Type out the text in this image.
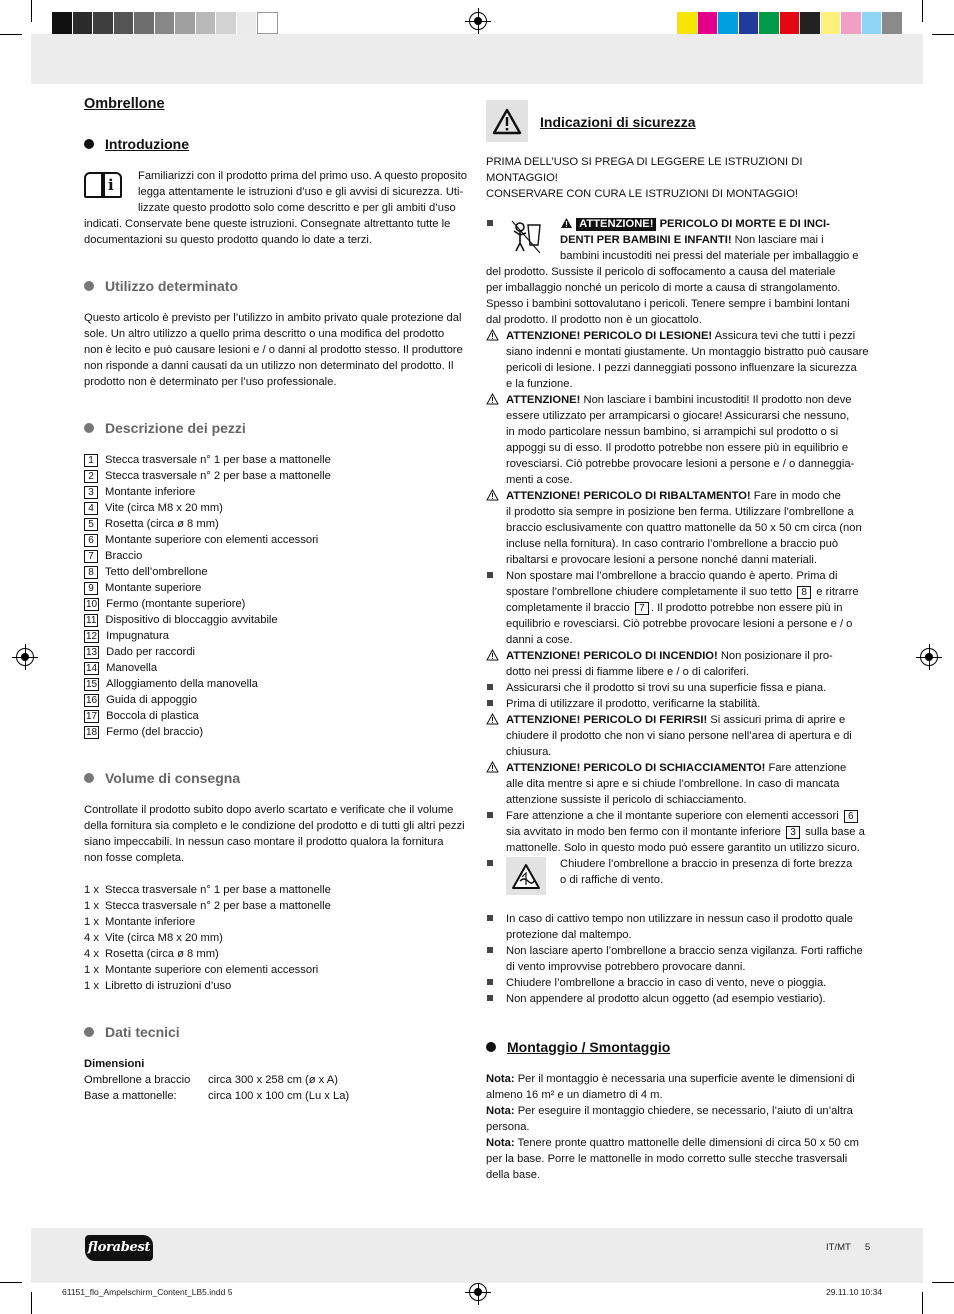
florabest	IT/MT 5
61151_flo_Ampelschirm_Content_LB5.indd 5	29.11.10 10:34
Ombrellone
Introduzione
i	Familiarizzi con il prodotto prima del primo uso. A questo proposito

legga attentamente le istruzioni d’uso e gli avvisi di sicurezza. Uti-

lizzate questo prodotto solo come descritto e per gli ambiti d’uso

indicati. Conservate bene queste istruzioni. Consegnate altrettanto tutte le

documentazioni su questo prodotto quando lo date a terzi.

Utilizzo determinato

Questo articolo è previsto per l’utilizzo in ambito privato quale protezione dal

sole. Un altro utilizzo a quello prima descritto o una modifica del prodotto

non è lecito e può causare lesioni e / o danni al prodotto stesso. Il produttore

non risponde a danni causati da un utilizzo non determinato del prodotto. Il

prodotto non è determinato per l’uso professionale.

Descrizione dei pezzi
1	Stecca trasversale n° 1 per base a mattonelle
2	Stecca trasversale n° 2 per base a mattonelle
3	Montante inferiore
4	Vite (circa M8 x 20 mm)
5	Rosetta (circa ø 8 mm)
6	Montante superiore con elementi accessori
7	Braccio
8	Tetto dell’ombrellone
9	Montante superiore
10 Fermo (montante superiore)
11 Dispositivo di bloccaggio avvitabile
12 Impugnatura
13 Dado per raccordi
14 Manovella
15 Alloggiamento della manovella
16 Guida di appoggio
17 Boccola di plastica
18 Fermo (del braccio)
Volume di consegna

Controllate il prodotto subito dopo averlo scartato e verificate che il volume

della fornitura sia completo e le condizione del prodotto e di tutti gli altri pezzi

siano impeccabili. In nessun caso montare il prodotto qualora la fornitura

non fosse completa.

1 x Stecca trasversale n° 1 per base a mattonelle
1 x Stecca trasversale n° 2 per base a mattonelle
1 x Montante inferiore
4 x Vite (circa M8 x 20 mm)
4 x Rosetta (circa ø 8 mm)
1 x Montante superiore con elementi accessori
1 x Libretto di istruzioni d’uso
Dati tecnici
Dimensioni
Ombrellone a braccio	circa 300 x 258 cm (ø x A)
Base a mattonelle:	circa 100 x 100 cm (Lu x La)
Indicazioni di sicurezza

PRIMA DELL’USO SI PREGA DI LEGGERE LE ISTRUZIONI DI MONTAGGIO!

CONSERVARE CON CURA LE ISTRUZIONI DI MONTAGGIO!

ATTENZIONE! PERICOLO DI MORTE E DI INCI-
DENTI PER BAMBINI E INFANTI! Non lasciare mai i
bambini incustoditi nei pressi del materiale per imballaggio e

del prodotto. Sussiste il pericolo di soffocamento a causa del materiale

per imballaggio nonché un pericolo di morte a causa di strangolamento.

Spesso i bambini sottovalutano i pericoli. Tenere sempre i bambini lontani

dal prodotto. Il prodotto non è un giocattolo.

ATTENZIONE! PERICOLO DI LESIONE! Assicura tevi che tutti i pezzi

siano indenni e montati giustamente. Un montaggio bistratto può causare

pericoli di lesione. I pezzi danneggiati possono influenzare la sicurezza

e la funzione.

ATTENZIONE! Non lasciare i bambini incustoditi! Il prodotto non deve

essere utilizzato per arrampicarsi o giocare! Assicurarsi che nessuno,

in modo particolare nessun bambino, si arrampichi sul prodotto o si

appoggi su di esso. Il prodotto potrebbe non essere più in equilibrio e

rovesciarsi. Ciò potrebbe provocare lesioni a persone e / o danneggia-

menti a cose.

ATTENZIONE! PERICOLO DI RIBALTAMENTO! Fare in modo che

il prodotto sia sempre in posizione ben ferma. Utilizzare l’ombrellone a

braccio esclusivamente con quattro mattonelle da 50 x 50 cm circa (non

incluse nella fornitura). In caso contrario l’ombrellone a braccio può

ribaltarsi e provocare lesioni a persone nonché danni materiali.

Non spostare mai l’ombrellone a braccio quando è aperto. Prima di

spostare l’ombrellone chiudere completamente il suo tetto 8 e ritrarre

completamente il braccio 7 . Il prodotto potrebbe non essere più in

equilibrio e rovesciarsi. Ciò potrebbe provocare lesioni a persone e / o

danni a cose.

ATTENZIONE! PERICOLO DI INCENDIO! Non posizionare il pro-

dotto nei pressi di fiamme libere e / o di caloriferi.

Assicurarsi che il prodotto si trovi su una superficie fissa e piana.
Prima di utilizzare il prodotto, verificarne la stabilità.
ATTENZIONE! PERICOLO DI FERIRSI! Si assicuri prima di aprire e

chiudere il prodotto che non vi siano persone nell’area di apertura e di

chiusura.

ATTENZIONE! PERICOLO DI SCHIACCIAMENTO! Fare attenzione

alle dita mentre si apre e si chiude l’ombrellone. In caso di mancata

attenzione sussiste il pericolo di schiacciamento.

Fare attenzione a che il montante superiore con elementi accessori 6

sia avvitato in modo ben fermo con il montante inferiore 3 sulla base a

mattonelle. Solo in questo modo può essere garantito un utilizzo sicuro.

Chiudere l’ombrellone a braccio in presenza di forte brezza

o di raffiche di vento.

In caso di cattivo tempo non utilizzare in nessun caso il prodotto quale

protezione dal maltempo.

Non lasciare aperto l’ombrellone a braccio senza vigilanza. Forti raffiche

di vento improvvise potrebbero provocare danni.

Chiudere l’ombrellone a braccio in caso di vento, neve o pioggia.
Non appendere al prodotto alcun oggetto (ad esempio vestiario).
Montaggio / Smontaggio

Nota: Per il montaggio è necessaria una superficie avente le dimensioni di

almeno 16 m² e un diametro di 4 m.

Nota: Per eseguire il montaggio chiedere, se necessario, l’aiuto di un’altra

persona.

Nota: Tenere pronte quattro mattonelle delle dimensioni di circa 50 x 50 cm

per la base. Porre le mattonelle in modo corretto sulle stecche trasversali

della base.
